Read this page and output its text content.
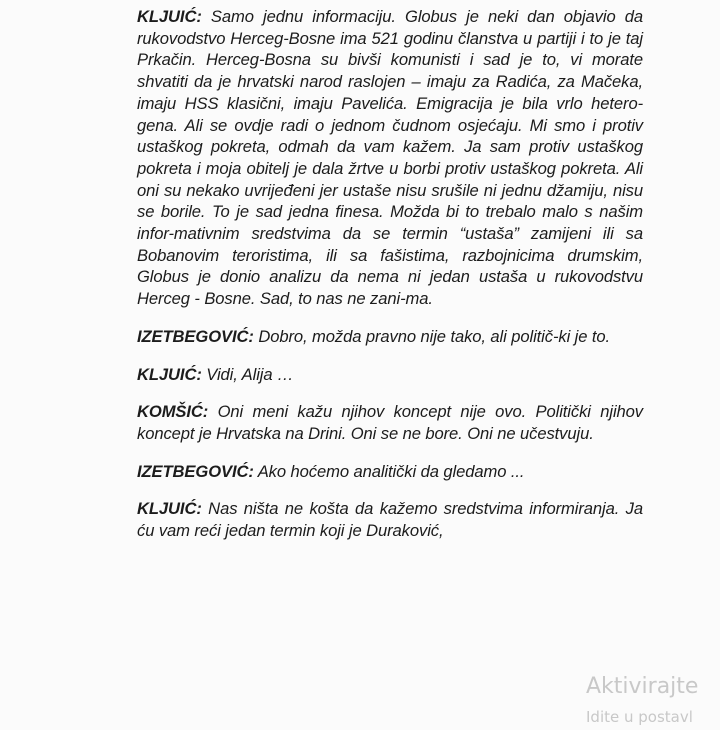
KLJUIĆ: Samo jednu informaciju. Globus je neki dan objavio da rukovodstvo Herceg-Bosne ima 521 godinu članstva u partiji i to je taj Prkačin. Herceg-Bosna su bivši komunisti i sad je to, vi morate shvatiti da je hrvatski narod raslojen – imaju za Radića, za Mačeka, imaju HSS klasični, imaju Pavelića. Emigracija je bila vrlo hetero-gena. Ali se ovdje radi o jednom čudnom osjećaju. Mi smo i protiv ustaškog pokreta, odmah da vam kažem. Ja sam protiv ustaškog pokreta i moja obitelj je dala žrtve u borbi protiv ustaškog pokreta. Ali oni su nekako uvrijeđeni jer ustaše nisu srušile ni jednu džamiju, nisu se borile. To je sad jedna finesa. Možda bi to trebalo malo s našim infor-mativnim sredstvima da se termin “ustaša” zamijeni ili sa Bobanovim teroristima, ili sa fašistima, razbojnicima drumskim, Globus je donio analizu da nema ni jedan ustaša u rukovodstvu Herceg - Bosne. Sad, to nas ne zani-ma.

IZETBEGOVIĆ: Dobro, možda pravno nije tako, ali politič-ki je to.

KLJUIĆ: Vidi, Alija …

KOMŠIĆ: Oni meni kažu njihov koncept nije ovo. Politički njihov koncept je Hrvatska na Drini. Oni se ne bore. Oni ne učestvuju.

IZETBEGOVIĆ: Ako hoćemo analitički da gledamo ...

KLJUIĆ: Nas ništa ne košta da kažemo sredstvima informiranja. Ja ću vam reći jedan termin koji je Duraković,

Aktivirajte
Idite u postavl
